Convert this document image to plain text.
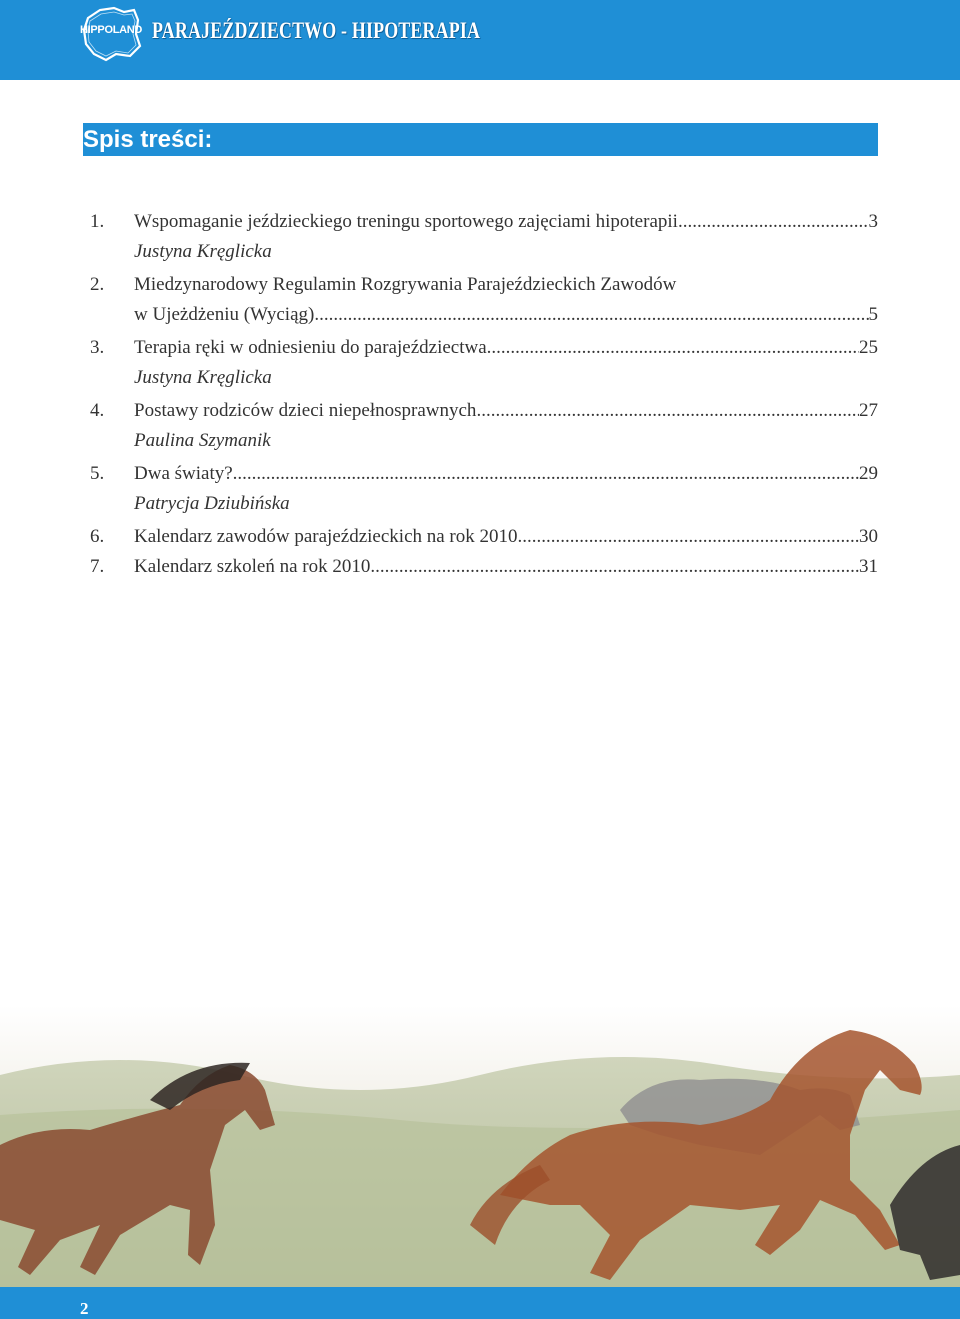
HIPPOLAND PARAJEŹDZIECTWO - HIPOTERAPIA
Spis treści:
1.	Wspomaganie jeździeckiego treningu sportowego zajęciami hipoterapii .....	3
Justyna Kręglicka
2.	Miedzynarodowy Regulamin Rozgrywania Parajeździeckich Zawodów
w Ujeżdżeniu (Wyciąg) .....	5
3.	Terapia ręki w odniesieniu do parajeździectwa .....	25
Justyna Kręglicka
4.	Postawy rodziców dzieci niepełnosprawnych .....	27
Paulina Szymanik
5.	Dwa światy? .....	29
Patrycja Dziubińska
6.	Kalendarz zawodów parajeździeckich na rok 2010 .....	30
7.	Kalendarz szkoleń na rok 2010 .....	31
2
